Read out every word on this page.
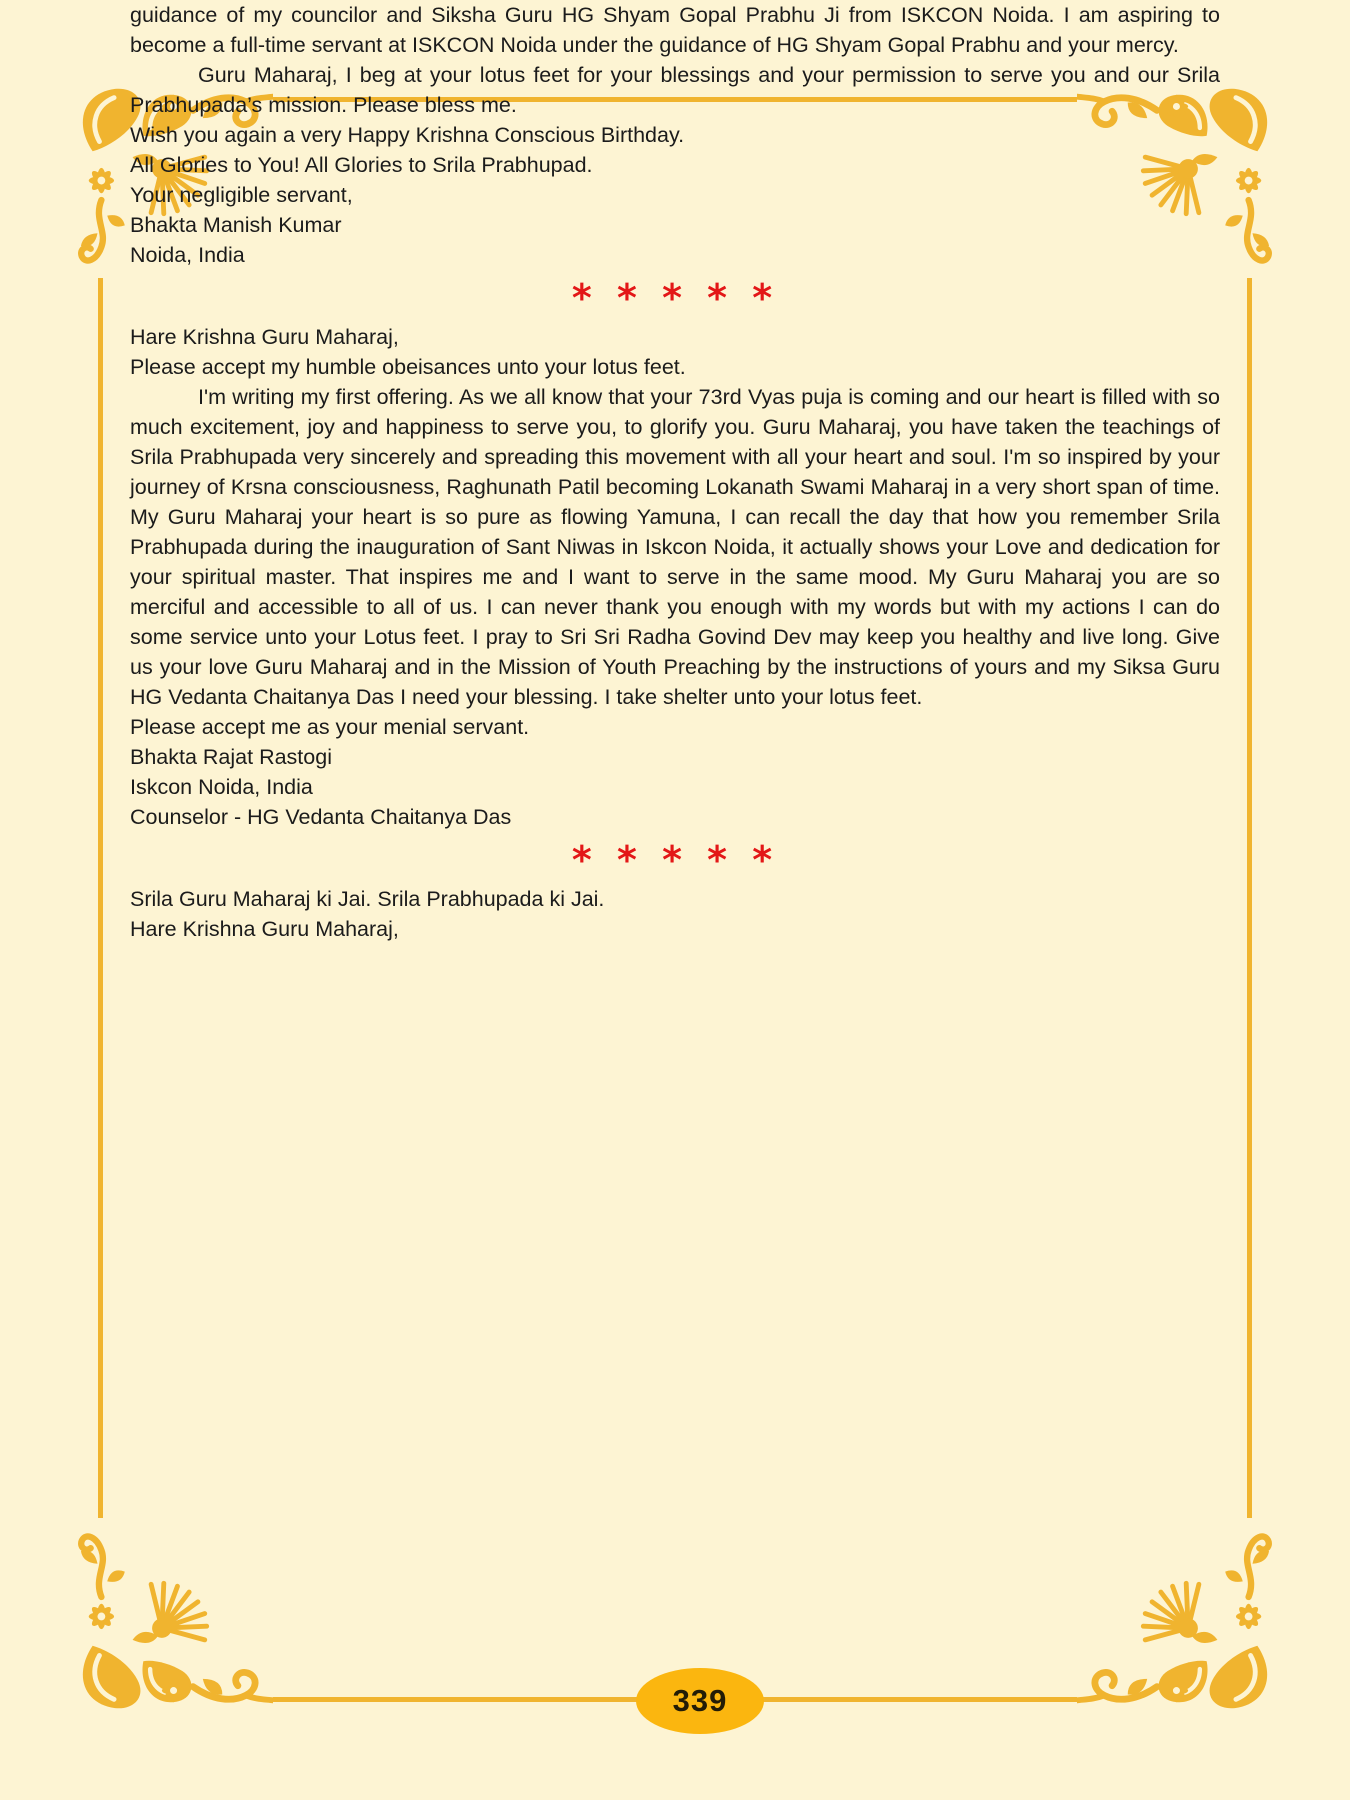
guidance of my councilor and Siksha Guru HG Shyam Gopal Prabhu Ji from ISKCON Noida. I am aspiring to become a full-time servant at ISKCON Noida under the guidance of HG Shyam Gopal Prabhu and your mercy.

Guru Maharaj, I beg at your lotus feet for your blessings and your permission to serve you and our Srila Prabhupada’s mission. Please bless me.

Wish you again a very Happy Krishna Conscious Birthday.

All Glories to You! All Glories to Srila Prabhupad.

Your negligible servant,

Bhakta Manish Kumar

Noida, India

* * * * *

Hare Krishna Guru Maharaj,

Please accept my humble obeisances unto your lotus feet.

I'm writing my first offering. As we all know that your 73rd Vyas puja is coming and our heart is filled with so much excitement, joy and happiness to serve you, to glorify you. Guru Maharaj, you have taken the teachings of Srila Prabhupada very sincerely and spreading this movement with all your heart and soul. I'm so inspired by your journey of Krsna consciousness, Raghunath Patil becoming Lokanath Swami Maharaj in a very short span of time. My Guru Maharaj your heart is so pure as flowing Yamuna, I can recall the day that how you remember Srila Prabhupada during the inauguration of Sant Niwas in Iskcon Noida, it actually shows your Love and dedication for your spiritual master. That inspires me and I want to serve in the same mood. My Guru Maharaj you are so merciful and accessible to all of us. I can never thank you enough with my words but with my actions I can do some service unto your Lotus feet. I pray to Sri Sri Radha Govind Dev may keep you healthy and live long. Give us your love Guru Maharaj and in the Mission of Youth Preaching by the instructions of yours and my Siksa Guru HG Vedanta Chaitanya Das I need your blessing. I take shelter unto your lotus feet.

Please accept me as your menial servant.

Bhakta Rajat Rastogi

Iskcon Noida, India

Counselor - HG Vedanta Chaitanya Das

* * * * *

Srila Guru Maharaj ki Jai. Srila Prabhupada ki Jai.

Hare Krishna Guru Maharaj,

339
